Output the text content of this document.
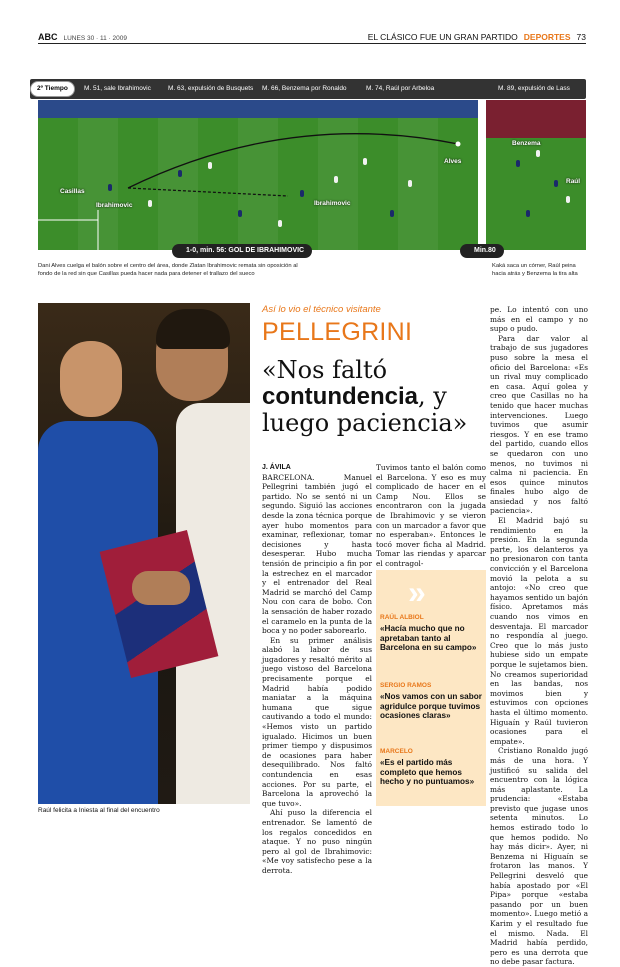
ABC LUNES 30 · 11 · 2009	EL CLÁSICO FUE UN GRAN PARTIDO DEPORTES 73
2º Tiempo	M. 51, sale Ibrahimovic	M. 63, expulsión de Busquets	M. 66, Benzema por Ronaldo	M. 74, Raúl por Arbeloa	M. 89, expulsión de Lass
Alves
Casillas
Ibrahimovic	Ibrahimovic
Benzema
Raúl
1-0, min. 56: GOL DE IBRAHIMOVIC	Min.80
Dani Alves cuelga el balón sobre el centro del área, donde Zlatan Ibrahimovic remata sin oposición al fondo de la red sin que Casillas pueda hacer nada para detener el trallazo del sueco
Kaká saca un córner, Raúl peina hacia atrás y Benzema la tira alta
Raúl felicita a Iniesta al final del encuentro
Así lo vio el técnico visitante
PELLEGRINI
«Nos faltó contundencia, y luego paciencia»
J. ÁVILA

BARCELONA. Manuel Pellegrini también jugó el partido. No se sentó ni un segundo. Siguió las acciones desde la zona técnica porque ayer hubo momentos para examinar, reflexionar, tomar decisiones y hasta desesperar. Hubo mucha tensión de principio a fin por la estrechez en el marcador y el entrenador del Real Madrid se marchó del Camp Nou con cara de bobo. Con la sensación de haber rozado el caramelo en la punta de la boca y no poder saborearlo.

En su primer análisis alabó la labor de sus jugadores y resaltó mérito al juego vistoso del Barcelona precisamente porque el Madrid había podido maniatar a la máquina humana que sigue cautivando a todo el mundo: «Hemos visto un partido igualado. Hicimos un buen primer tiempo y dispusimos de ocasiones para haber desequilibrado. Nos faltó contundencia en esas acciones. Por su parte, el Barcelona la aprovechó la que tuvo».

Ahí puso la diferencia el entrenador. Se lamentó de los regalos concedidos en ataque. Y no puso ningún pero al gol de Ibrahimovic: «Me voy satisfecho pese a la derrota.

Tuvimos tanto el balón como el Barcelona. Y eso es muy complicado de hacer en el Camp Nou. Ellos se encontraron con la jugada de Ibrahimovic y se vieron con un marcador a favor que no esperaban». Entonces le tocó mover ficha al Madrid. Tomar las riendas y aparcar el contragol-

pe. Lo intentó con uno más en el campo y no supo o pudo.

Para dar valor al trabajo de sus jugadores puso sobre la mesa el oficio del Barcelona: «Es un rival muy complicado en casa. Aquí golea y creo que Casillas no ha tenido que hacer muchas intervenciones. Luego tuvimos que asumir riesgos. Y en ese tramo del partido, cuando ellos se quedaron con uno menos, no tuvimos ni calma ni paciencia. En esos quince minutos finales hubo algo de ansiedad y nos faltó paciencia».

El Madrid bajó su rendimiento en la presión. En la segunda parte, los delanteros ya no presionaron con tanta convicción y el Barcelona movió la pelota a su antojo: «No creo que hayamos sentido un bajón físico. Apretamos más cuando nos vimos en desventaja. El marcador no respondía al juego. Creo que lo más justo hubiese sido un empate porque le sujetamos bien. No creamos superioridad en las bandas, nos movimos bien y estuvimos con opciones hasta el último momento. Higuaín y Raúl tuvieron ocasiones para el empate».

Cristiano Ronaldo jugó más de una hora. Y justificó su salida del encuentro con la lógica más aplastante. La prudencia: «Estaba previsto que jugase unos setenta minutos. Lo hemos estirado todo lo que hemos podido. No hay más dicir». Ayer, ni Benzema ni Higuaín se frotaron las manos. Y Pellegrini desveló que había apostado por «El Pipa» porque «estaba pasando por un buen momento». Luego metió a Karim y el resultado fue el mismo. Nada. El Madrid había perdido, pero es una derrota que no debe pasar factura.

»
RAÚL ALBIOL
«Hacía mucho que no apretaban tanto al Barcelona en su campo»
SERGIO RAMOS
«Nos vamos con un sabor agridulce porque tuvimos ocasiones claras»
MARCELO
«Es el partido más completo que hemos hecho y no puntuamos»
